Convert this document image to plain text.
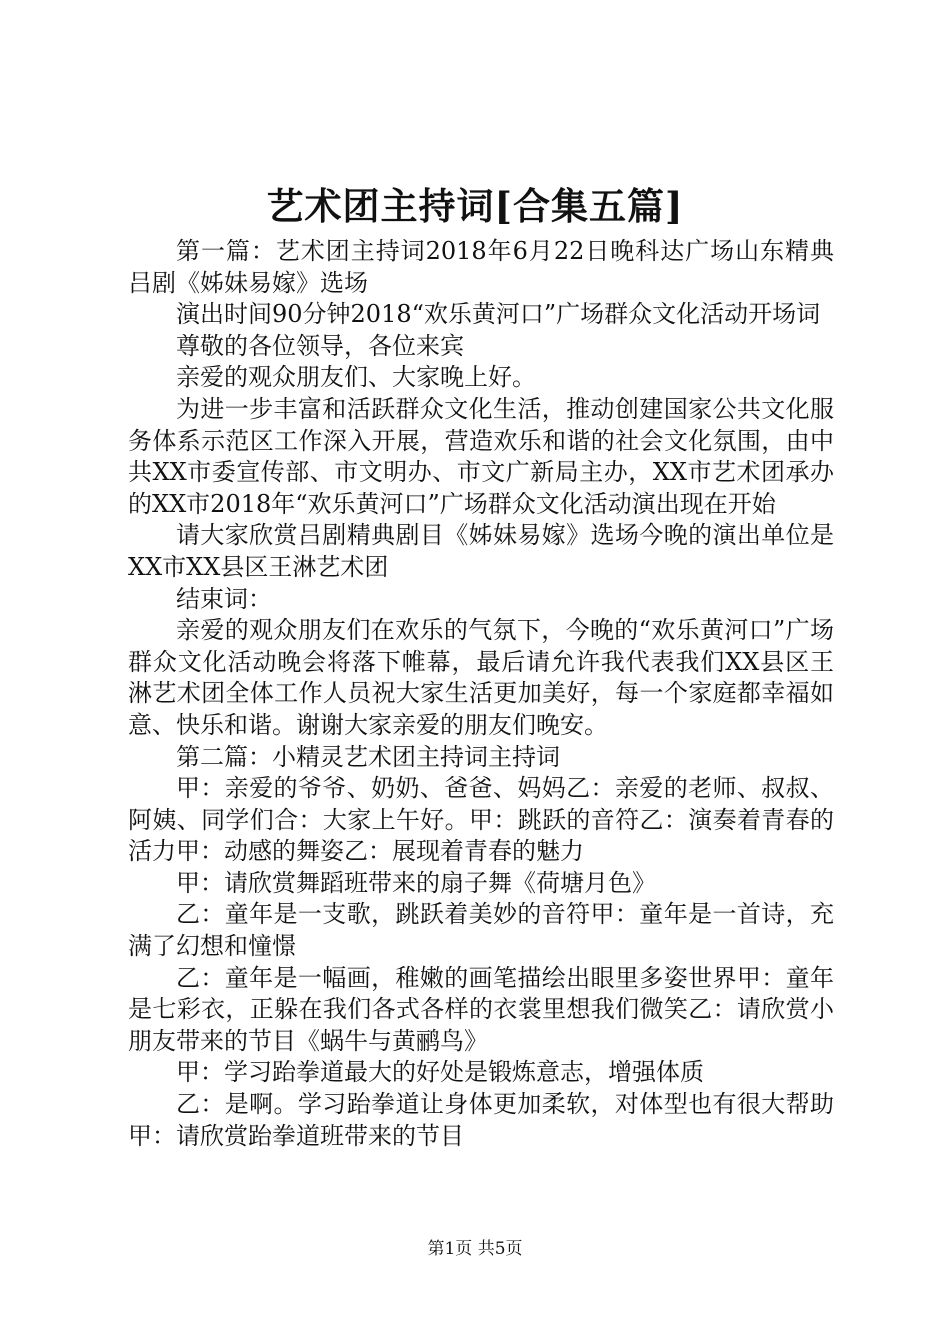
艺术团主持词[合集五篇]

第一篇：艺术团主持词2018年6月22日晚科达广场山东精典吕剧《姊妹易嫁》选场

演出时间90分钟2018“欢乐黄河口”广场群众文化活动开场词

尊敬的各位领导，各位来宾

亲爱的观众朋友们、大家晚上好。

为进一步丰富和活跃群众文化生活，推动创建国家公共文化服务体系示范区工作深入开展，营造欢乐和谐的社会文化氛围，由中共XX市委宣传部、市文明办、市文广新局主办，XX市艺术团承办的XX市2018年“欢乐黄河口”广场群众文化活动演出现在开始

请大家欣赏吕剧精典剧目《姊妹易嫁》选场今晚的演出单位是XX市XX县区王淋艺术团

结束词：

亲爱的观众朋友们在欢乐的气氛下，今晚的“欢乐黄河口”广场群众文化活动晚会将落下帷幕，最后请允许我代表我们XX县区王淋艺术团全体工作人员祝大家生活更加美好，每一个家庭都幸福如意、快乐和谐。谢谢大家亲爱的朋友们晚安。

第二篇：小精灵艺术团主持词主持词

甲：亲爱的爷爷、奶奶、爸爸、妈妈乙：亲爱的老师、叔叔、阿姨、同学们合：大家上午好。甲：跳跃的音符乙：演奏着青春的活力甲：动感的舞姿乙：展现着青春的魅力

甲：请欣赏舞蹈班带来的扇子舞《荷塘月色》

乙：童年是一支歌，跳跃着美妙的音符甲：童年是一首诗，充满了幻想和憧憬

乙：童年是一幅画，稚嫩的画笔描绘出眼里多姿世界甲：童年是七彩衣，正躲在我们各式各样的衣裳里想我们微笑乙：请欣赏小朋友带来的节目《蜗牛与黄鹂鸟》

甲：学习跆拳道最大的好处是锻炼意志，增强体质

乙：是啊。学习跆拳道让身体更加柔软，对体型也有很大帮助甲：请欣赏跆拳道班带来的节目

第1页 共5页
